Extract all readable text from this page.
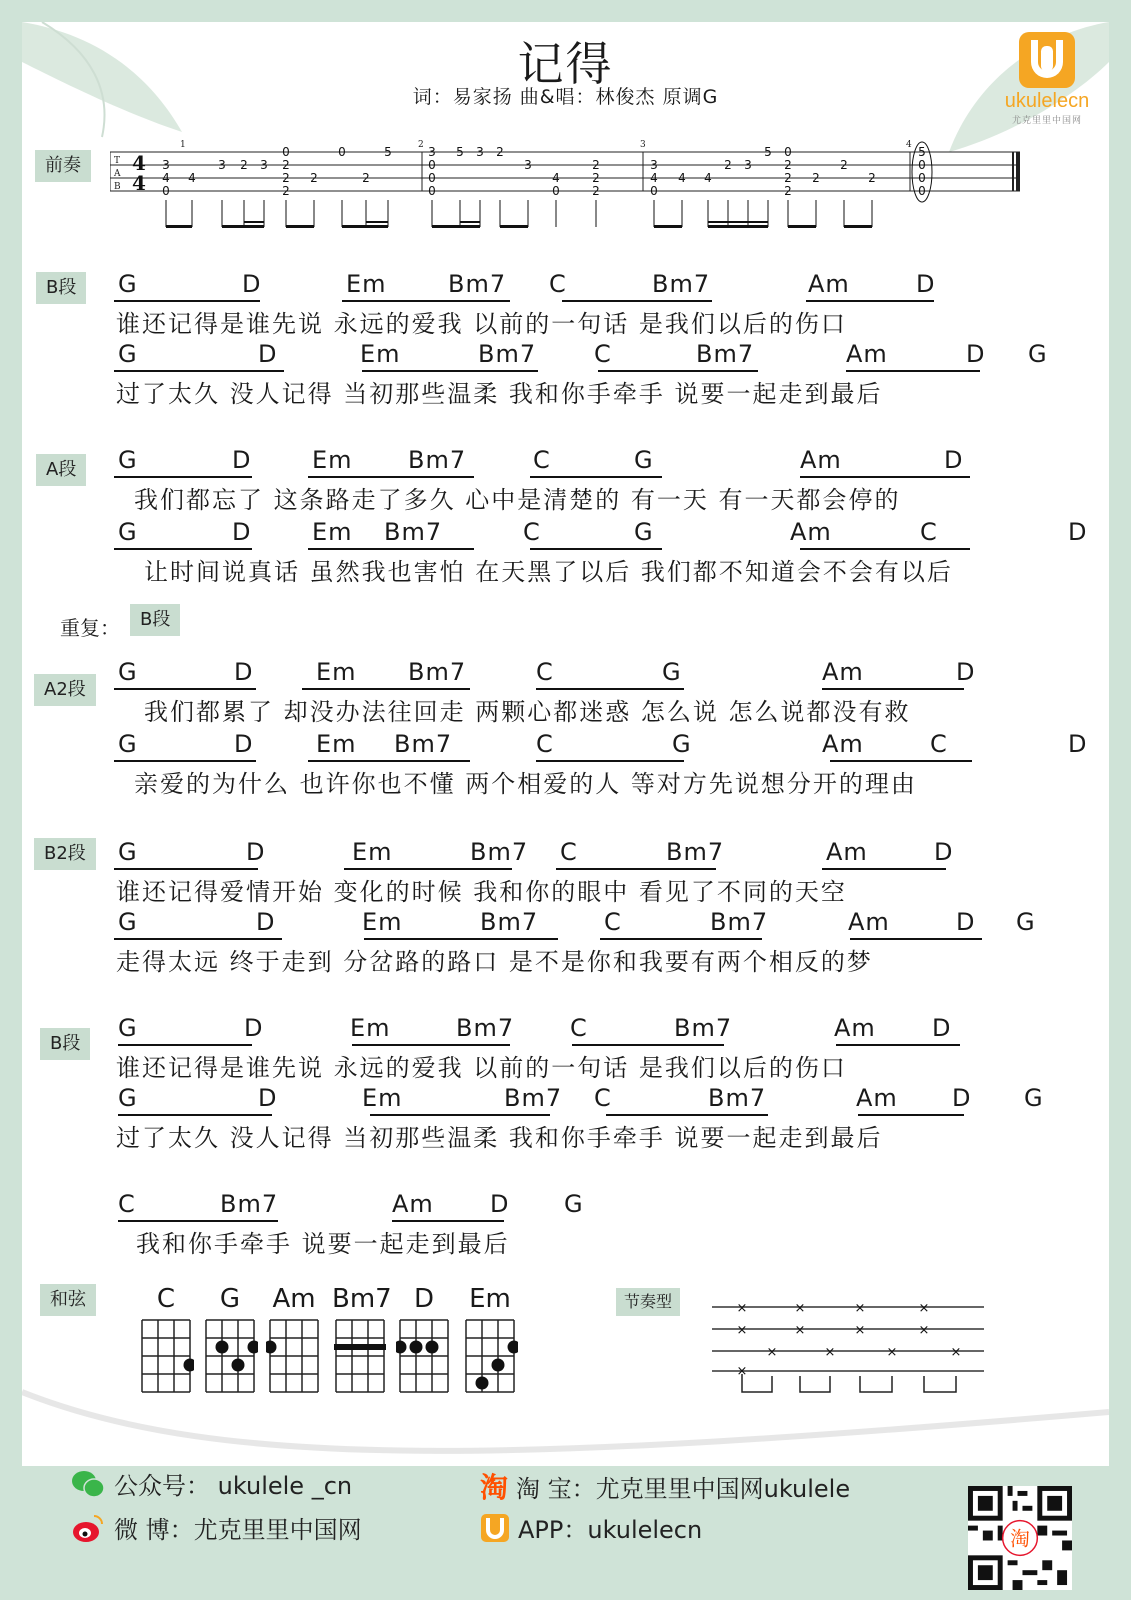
记得
词：易家扬 曲&唱：林俊杰 原调G	ukulelecn
尤克里里中国网
前奏	T
A
B
1	2	3	4
4
4
3
4
0
4
3 2 3
0
2
2
2
2
0
2
5	3
0
0
0
5 3 2
3
4
0
2
2
2
3
4
0
4 4
2 3
5 0
2
2
2
2
2
2
5
0
0
0
B段
A段
A2段
B2段
B段
重复：	B段
G	D	Em	Bm7 C	Bm7	Am	D
谁还记得是谁先说 永远的爱我 以前的一句话 是我们以后的伤口
G	D	Em	Bm7 C	Bm7	Am	D G
过了太久 没人记得 当初那些温柔 我和你手牵手 说要一起走到最后
G	D	Em Bm7	C	G	Am	D
我们都忘了 这条路走了多久 心中是清楚的 有一天 有一天都会停的
G	D	Em Bm7	C	G	Am	C	D
让时间说真话 虽然我也害怕 在天黑了以后 我们都不知道会不会有以后
G	D	Em Bm7	C	G	Am	D
我们都累了 却没办法往回走 两颗心都迷惑 怎么说 怎么说都没有救
G	D	Em Bm7	C	G	Am	C	D
亲爱的为什么 也许你也不懂 两个相爱的人 等对方先说想分开的理由
G	D	Em	Bm7 C	Bm7	Am	D
谁还记得爱情开始 变化的时候 我和你的眼中 看见了不同的天空
G	D	Em	Bm7	C	Bm7	Am	D G
走得太远 终于走到 分岔路的路口 是不是你和我要有两个相反的梦
G	D	Em	Bm7 C	Bm7	Am D
谁还记得是谁先说 永远的爱我 以前的一句话 是我们以后的伤口
G	D	Em	Bm7 C	Bm7	Am D G
过了太久 没人记得 当初那些温柔 我和你手牵手 说要一起走到最后
C	Bm7	Am D G
我和你手牵手 说要一起走到最后
和弦	C	G	Am Bm7 D	Em	节奏型	×	×	×	×
×	×	×	×
×	×	×	×
×
公众号： ukulele _cn
微 博：尤克里里中国网
淘 淘 宝：尤克里里中国网ukulele
APP：ukulelecn	淘
